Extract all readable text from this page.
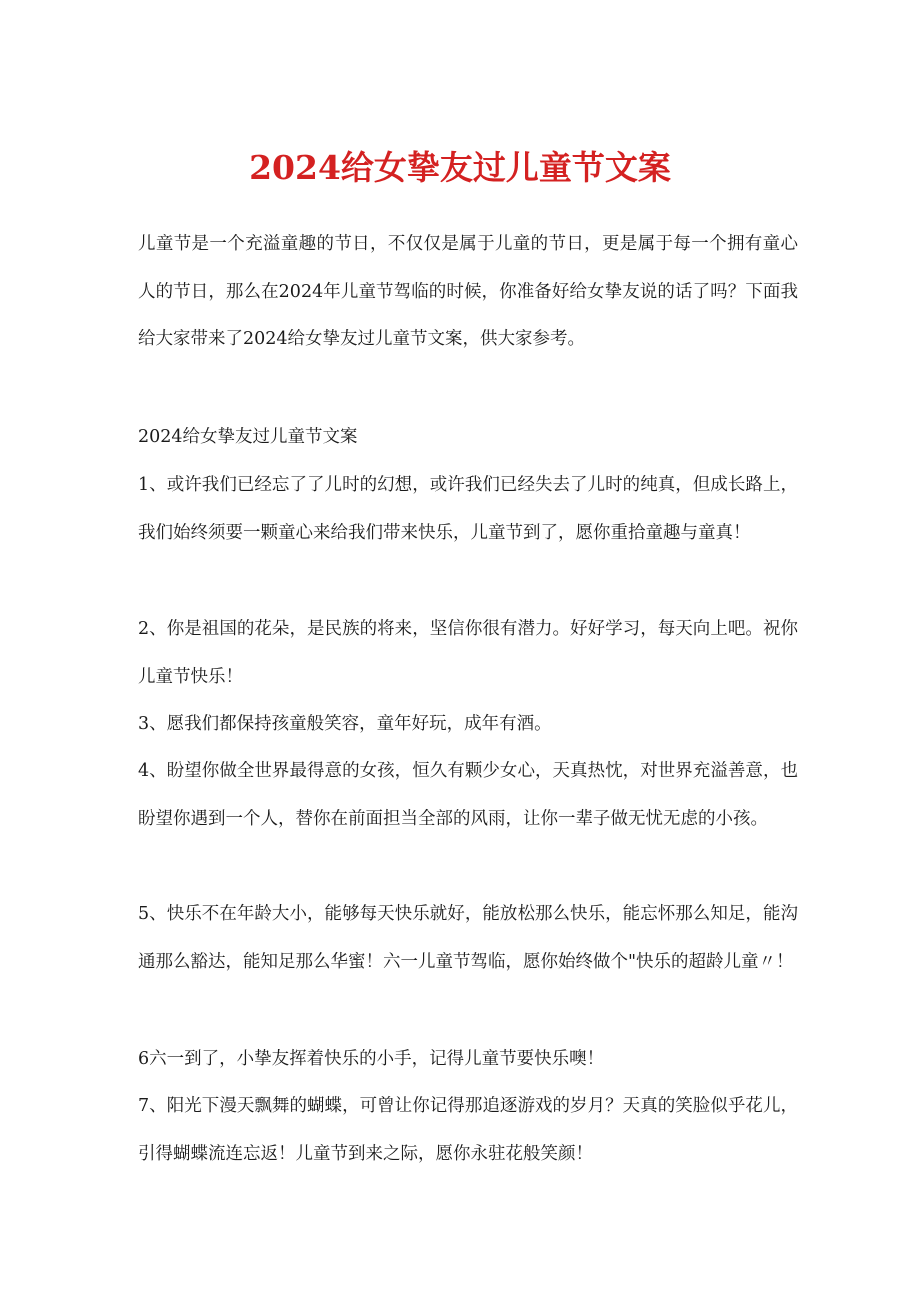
2024给女挚友过儿童节文案

儿童节是一个充溢童趣的节日，不仅仅是属于儿童的节日，更是属于每一个拥有童心人的节日，那么在2024年儿童节驾临的时候，你准备好给女挚友说的话了吗？下面我给大家带来了2024给女挚友过儿童节文案，供大家参考。

2024给女挚友过儿童节文案

1、或许我们已经忘了了儿时的幻想，或许我们已经失去了儿时的纯真，但成长路上，我们始终须要一颗童心来给我们带来快乐，儿童节到了，愿你重拾童趣与童真！

2、你是祖国的花朵，是民族的将来，坚信你很有潜力。好好学习，每天向上吧。祝你儿童节快乐！

3、愿我们都保持孩童般笑容，童年好玩，成年有酒。

4、盼望你做全世界最得意的女孩，恒久有颗少女心，天真热忱，对世界充溢善意，也盼望你遇到一个人，替你在前面担当全部的风雨，让你一辈子做无忧无虑的小孩。

5、快乐不在年龄大小，能够每天快乐就好，能放松那么快乐，能忘怀那么知足，能沟通那么豁达，能知足那么华蜜！六一儿童节驾临，愿你始终做个"快乐的超龄儿童〃！

6六一到了，小挚友挥着快乐的小手，记得儿童节要快乐噢！

7、阳光下漫天飘舞的蝴蝶，可曾让你记得那追逐游戏的岁月？天真的笑脸似乎花儿，引得蝴蝶流连忘返！儿童节到来之际，愿你永驻花般笑颜！
